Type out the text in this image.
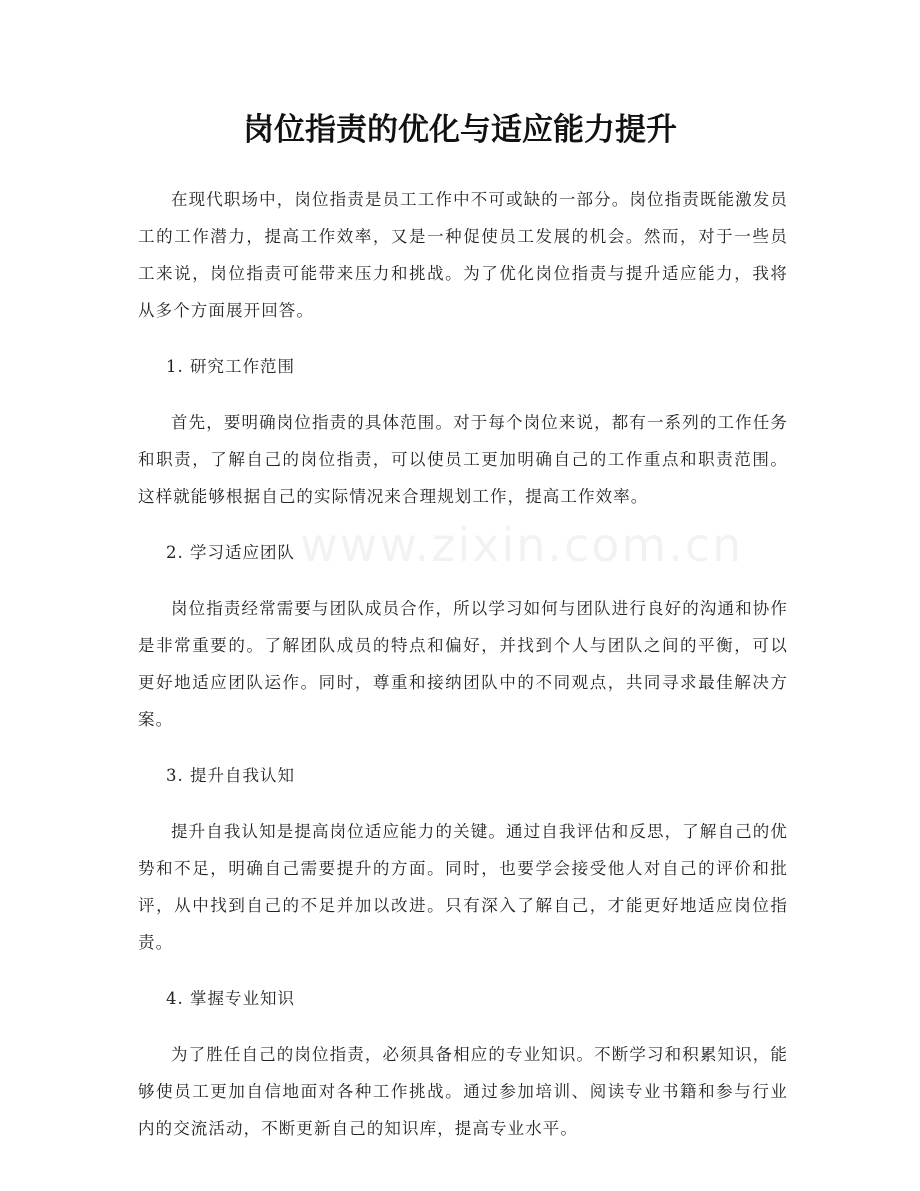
岗位指责的优化与适应能力提升
www.zixin.com.cn

在现代职场中，岗位指责是员工工作中不可或缺的一部分。岗位指责既能激发员工的工作潜力，提高工作效率，又是一种促使员工发展的机会。然而，对于一些员工来说，岗位指责可能带来压力和挑战。为了优化岗位指责与提升适应能力，我将从多个方面展开回答。

1. 研究工作范围

首先，要明确岗位指责的具体范围。对于每个岗位来说，都有一系列的工作任务和职责，了解自己的岗位指责，可以使员工更加明确自己的工作重点和职责范围。这样就能够根据自己的实际情况来合理规划工作，提高工作效率。

2. 学习适应团队

岗位指责经常需要与团队成员合作，所以学习如何与团队进行良好的沟通和协作是非常重要的。了解团队成员的特点和偏好，并找到个人与团队之间的平衡，可以更好地适应团队运作。同时，尊重和接纳团队中的不同观点，共同寻求最佳解决方案。

3. 提升自我认知

提升自我认知是提高岗位适应能力的关键。通过自我评估和反思，了解自己的优势和不足，明确自己需要提升的方面。同时，也要学会接受他人对自己的评价和批评，从中找到自己的不足并加以改进。只有深入了解自己，才能更好地适应岗位指责。

4. 掌握专业知识

为了胜任自己的岗位指责，必须具备相应的专业知识。不断学习和积累知识，能够使员工更加自信地面对各种工作挑战。通过参加培训、阅读专业书籍和参与行业内的交流活动，不断更新自己的知识库，提高专业水平。
